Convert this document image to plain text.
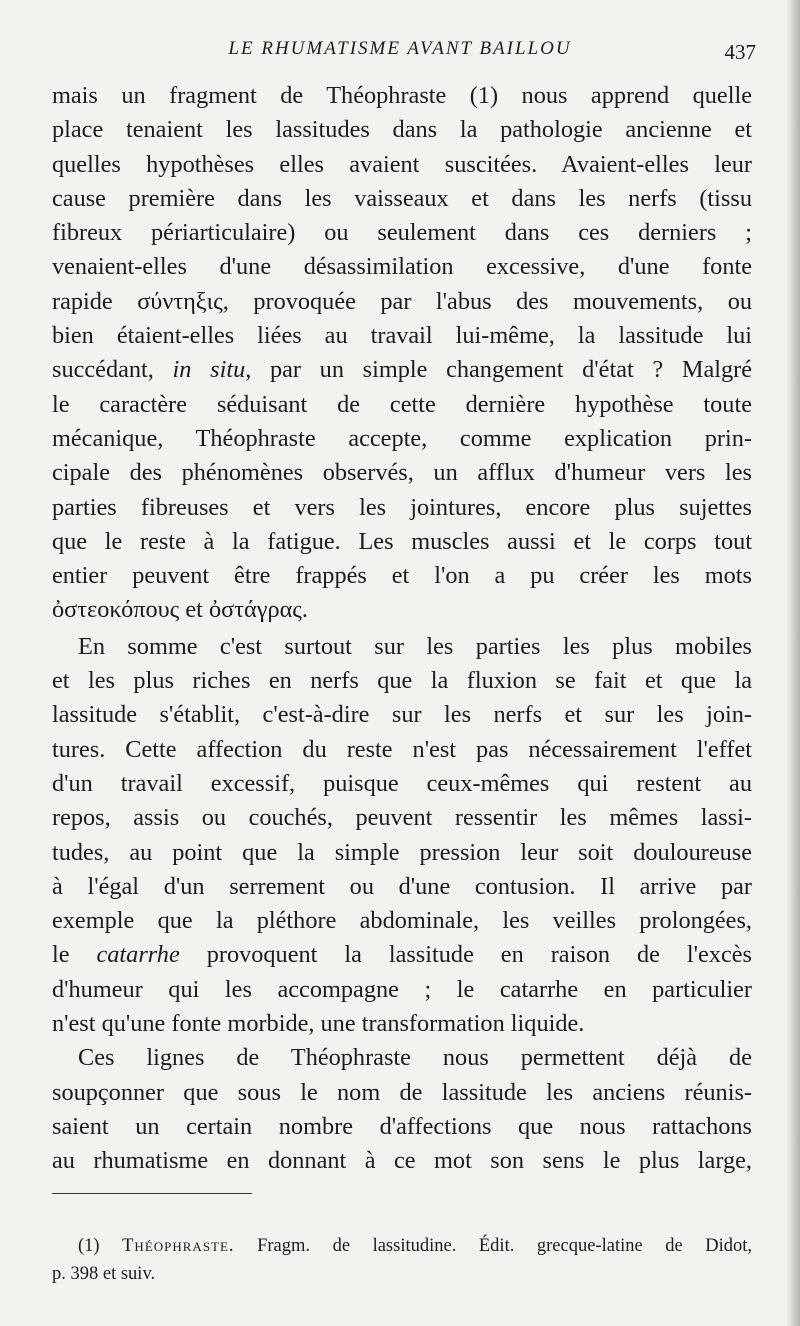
LE RHUMATISME AVANT BAILLOU	437
mais un fragment de Théophraste (1) nous apprend quelle
place tenaient les lassitudes dans la pathologie ancienne et
quelles hypothèses elles avaient suscitées. Avaient-elles leur
cause première dans les vaisseaux et dans les nerfs (tissu
fibreux périarticulaire) ou seulement dans ces derniers ;
venaient-elles d'une désassimilation excessive, d'une fonte
rapide σύντηξις, provoquée par l'abus des mouvements, ou
bien étaient-elles liées au travail lui-même, la lassitude lui
succédant, in situ, par un simple changement d'état ? Malgré
le caractère séduisant de cette dernière hypothèse toute
mécanique, Théophraste accepte, comme explication prin-
cipale des phénomènes observés, un afflux d'humeur vers les
parties fibreuses et vers les jointures, encore plus sujettes
que le reste à la fatigue. Les muscles aussi et le corps tout
entier peuvent être frappés et l'on a pu créer les mots
ὀστεοκόπους et ὀστάγρας.
En somme c'est surtout sur les parties les plus mobiles
et les plus riches en nerfs que la fluxion se fait et que la
lassitude s'établit, c'est-à-dire sur les nerfs et sur les join-
tures. Cette affection du reste n'est pas nécessairement l'effet
d'un travail excessif, puisque ceux-mêmes qui restent au
repos, assis ou couchés, peuvent ressentir les mêmes lassi-
tudes, au point que la simple pression leur soit douloureuse
à l'égal d'un serrement ou d'une contusion. Il arrive par
exemple que la pléthore abdominale, les veilles prolongées,
le catarrhe provoquent la lassitude en raison de l'excès
d'humeur qui les accompagne ; le catarrhe en particulier
n'est qu'une fonte morbide, une transformation liquide.
Ces lignes de Théophraste nous permettent déjà de
soupçonner que sous le nom de lassitude les anciens réunis-
saient un certain nombre d'affections que nous rattachons
au rhumatisme en donnant à ce mot son sens le plus large,
(1) Théophraste. Fragm. de lassitudine. Édit. grecque-latine de Didot,
p. 398 et suiv.
